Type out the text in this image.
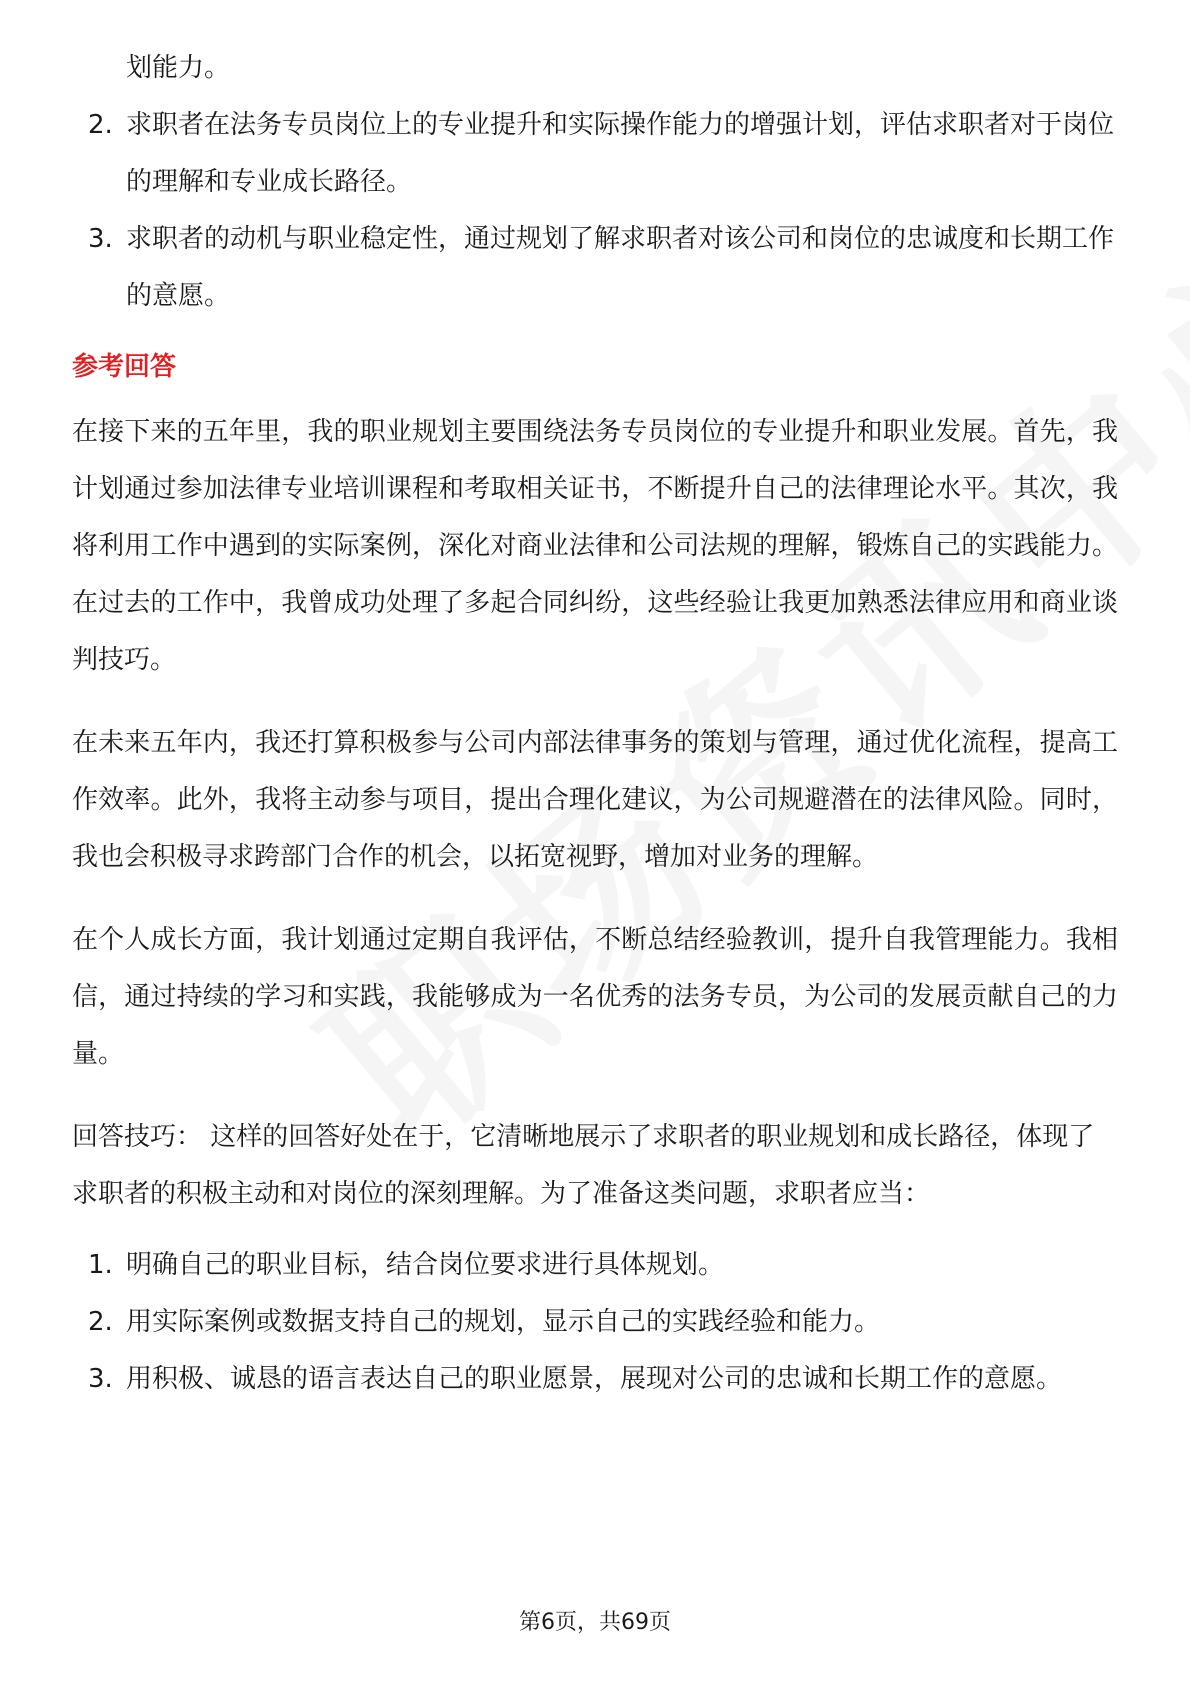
划能力。
2. 求职者在法务专员岗位上的专业提升和实际操作能力的增强计划，评估求职者对于岗位的理解和专业成长路径。
3. 求职者的动机与职业稳定性，通过规划了解求职者对该公司和岗位的忠诚度和长期工作的意愿。
参考回答

在接下来的五年里，我的职业规划主要围绕法务专员岗位的专业提升和职业发展。首先，我计划通过参加法律专业培训课程和考取相关证书，不断提升自己的法律理论水平。其次，我将利用工作中遇到的实际案例，深化对商业法律和公司法规的理解，锻炼自己的实践能力。在过去的工作中，我曾成功处理了多起合同纠纷，这些经验让我更加熟悉法律应用和商业谈判技巧。

在未来五年内，我还打算积极参与公司内部法律事务的策划与管理，通过优化流程，提高工作效率。此外，我将主动参与项目，提出合理化建议，为公司规避潜在的法律风险。同时，我也会积极寻求跨部门合作的机会，以拓宽视野，增加对业务的理解。

在个人成长方面，我计划通过定期自我评估，不断总结经验教训，提升自我管理能力。我相信，通过持续的学习和实践，我能够成为一名优秀的法务专员，为公司的发展贡献自己的力量。

回答技巧： 这样的回答好处在于，它清晰地展示了求职者的职业规划和成长路径，体现了求职者的积极主动和对岗位的深刻理解。为了准备这类问题，求职者应当：

1. 明确自己的职业目标，结合岗位要求进行具体规划。
2. 用实际案例或数据支持自己的规划，显示自己的实践经验和能力。
3. 用积极、诚恳的语言表达自己的职业愿景，展现对公司的忠诚和长期工作的意愿。
第6页，共69页
